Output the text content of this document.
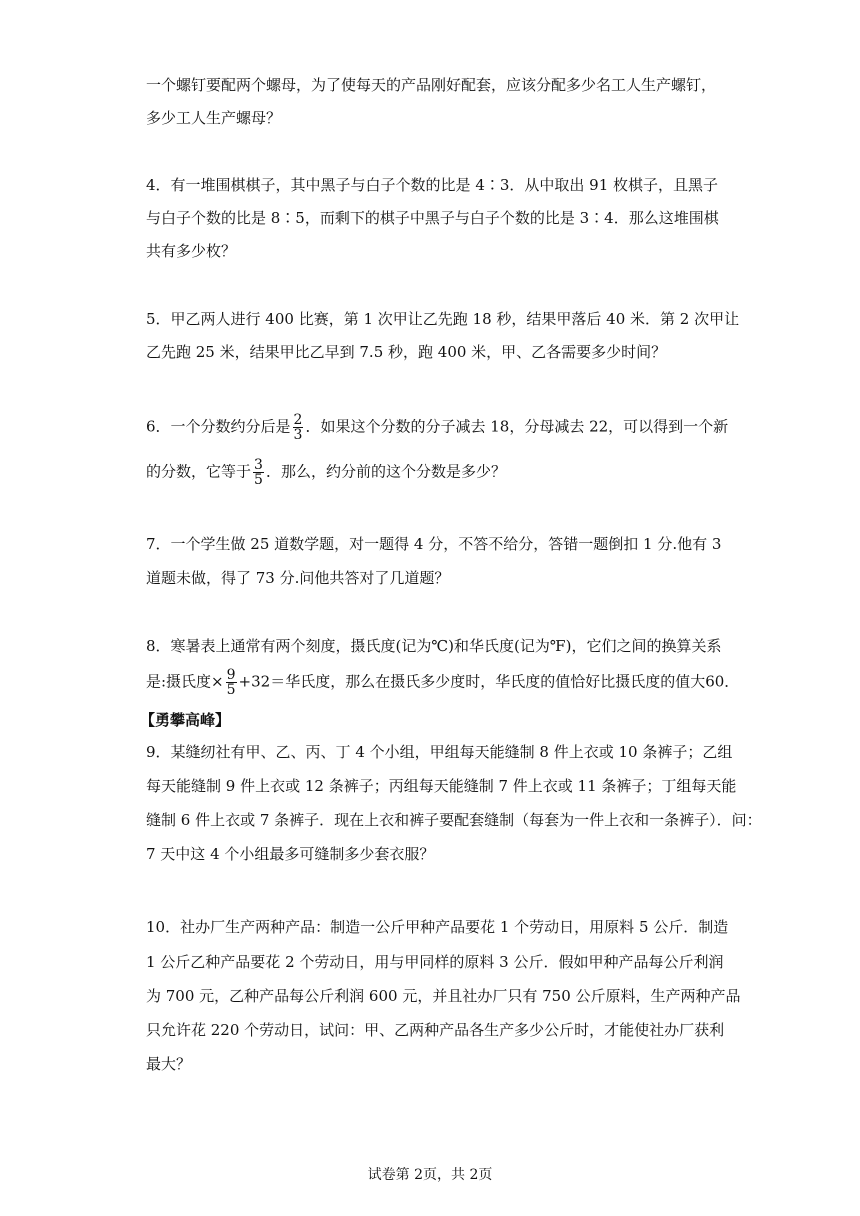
一个螺钉要配两个螺母，为了使每天的产品刚好配套，应该分配多少名工人生产螺钉，
多少工人生产螺母？
4．有一堆围棋棋子，其中黑子与白子个数的比是 4∶3．从中取出 91 枚棋子，且黑子
与白子个数的比是 8∶5，而剩下的棋子中黑子与白子个数的比是 3∶4．那么这堆围棋
共有多少枚？
5．甲乙两人进行 400 比赛，第 1 次甲让乙先跑 18 秒，结果甲落后 40 米．第 2 次甲让
乙先跑 25 米，结果甲比乙早到 7.5 秒，跑 400 米，甲、乙各需要多少时间？
6．一个分数约分后是 $\frac{2}{3}$ ．如果这个分数的分子减去 18，分母减去 22，可以得到一个新
的分数，它等于 $\frac{3}{5}$ ．那么，约分前的这个分数是多少？
7．一个学生做 25 道数学题，对一题得 4 分，不答不给分，答错一题倒扣 1 分.他有 3
道题未做，得了 73 分.问他共答对了几道题？
8．寒暑表上通常有两个刻度，摄氏度(记为℃)和华氏度(记为℉)，它们之间的换算关系
是:摄氏度× $\frac{9}{5} +32=$华氏度，那么在摄氏多少度时，华氏度的值恰好比摄氏度的值大60．
【勇攀高峰】
9．某缝纫社有甲、乙、丙、丁 4 个小组，甲组每天能缝制 8 件上衣或 10 条裤子；乙组
每天能缝制 9 件上衣或 12 条裤子；丙组每天能缝制 7 件上衣或 11 条裤子；丁组每天能
缝制 6 件上衣或 7 条裤子．现在上衣和裤子要配套缝制（每套为一件上衣和一条裤子）．问：
7 天中这 4 个小组最多可缝制多少套衣服？
10．社办厂生产两种产品：制造一公斤甲种产品要花 1 个劳动日，用原料 5 公斤．制造
1 公斤乙种产品要花 2 个劳动日，用与甲同样的原料 3 公斤．假如甲种产品每公斤利润
为 700 元，乙种产品每公斤利润 600 元，并且社办厂只有 750 公斤原料，生产两种产品
只允许花 220 个劳动日，试问：甲、乙两种产品各生产多少公斤时，才能使社办厂获利
最大？
试卷第 2页，共 2页
